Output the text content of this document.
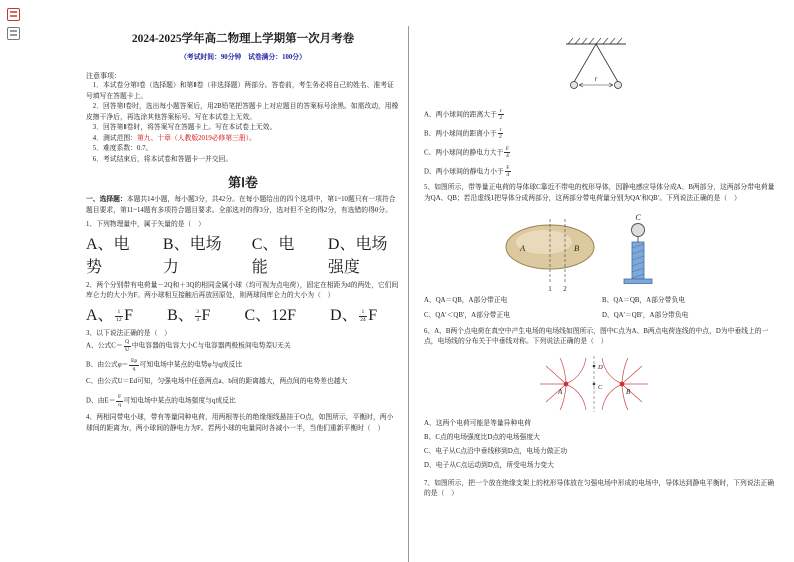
2024-2025学年高二物理上学期第一次月考卷
（考试时间：90分钟　试卷满分：100分）
注意事项：

1．本试卷分第Ⅰ卷（选择题）和第Ⅱ卷（非选择题）两部分。答卷前，考生务必将自己的姓名、准考证号填写在答题卡上。

2．回答第Ⅰ卷时，选出每小题答案后，用2B铅笔把答题卡上对应题目的答案标号涂黑。如需改动，用橡皮擦干净后，再选涂其他答案标号。写在本试卷上无效。

3．回答第Ⅱ卷时，将答案写在答题卡上。写在本试卷上无效。

4．测试范围：第九、十章（人教版2019必修第三册）。

5．难度系数：0.7。

6．考试结束后，将本试卷和答题卡一并交回。

第Ⅰ卷

一、选择题：本题共14小题，每小题3分，共42分。在每小题给出的四个选项中，第1~10题只有一项符合题目要求，第11~14题有多项符合题目要求。全部选对的得3分，选对但不全的得2分，有选错的得0分。

1、下列物理量中，属于矢量的是（　）

A、电势
B、电场力
C、电能
D、电场强度

2、两个分别带有电荷量－2Q和＋3Q的相同金属小球（均可视为点电荷），固定在相距为d的两处，它们间库仑力的大小为F。两小球相互接触后再放回原处，则两球间库仑力的大小为（　）

A、 $\frac{1}{12}$ F B、 $\frac{3}{4}$ F C、12F D、 $\frac{1}{24}$ F

3、以下说法正确的是（　）

A、公式$C= \frac{Q}{U}$ 中电容器的电容大小C与电容器两极板间电势差U无关
B、由公式$\varphi= \frac{Ep}{q}$ 可知电场中某点的电势φ与q成反比
C、由公式U＝Ed可知，匀强电场中任意两点a、b间的距离越大，两点间的电势差也越大
D、由$E= \frac{F}{q}$ 可知电场中某点的电场强度与q成反比

4、两相同带电小球，带有等量同种电荷，用两根等长的绝缘细线悬挂于O点，如图所示，平衡时，两小球间的距离为r，两小球间的静电力为F。若两小球的电量同时各减小一半，当他们重新平衡时（　）

r
A、两小球间的距离大于 $\frac{r}{2}$
B、两小球间的距离小于 $\frac{r}{2}$
C、两小球间的静电力大于 $\frac{F}{4}$
D、两小球间的静电力小于 $\frac{F}{4}$

5、如图所示，带等量正电荷的导体球C靠近不带电的枕形导体，因静电感应导体分成A、B两部分，这两部分带电荷量为QA、QB；若沿虚线1把导体分成两部分，这两部分带电荷量分别为QA′和QB′。下列说法正确的是（　）

A	B
1 2
C
A、QA＝QB，A部分带正电	B、QA＝QB，A部分带负电
C、QA′＜QB′，A部分带正电	D、QA′＝QB′，A部分带负电

6、A、B两个点电荷在真空中产生电场的电场线如图所示，图中C点为A、B两点电荷连线的中点，D为中垂线上的一点，电场线的分布关于中垂线对称。下列说法正确的是（　）

A	B
C
D
A、这两个电荷可能是等量异种电荷
B、C点的电场强度比D点的电场强度大
C、电子从C点沿中垂线移到D点，电场力做正功
D、电子从C点运动到D点，所受电场力变大

7、如图所示，把一个放在绝缘支架上的枕形导体放在匀强电场中形成的电场中，导体达到静电平衡时，下列说法正确的是（　）
